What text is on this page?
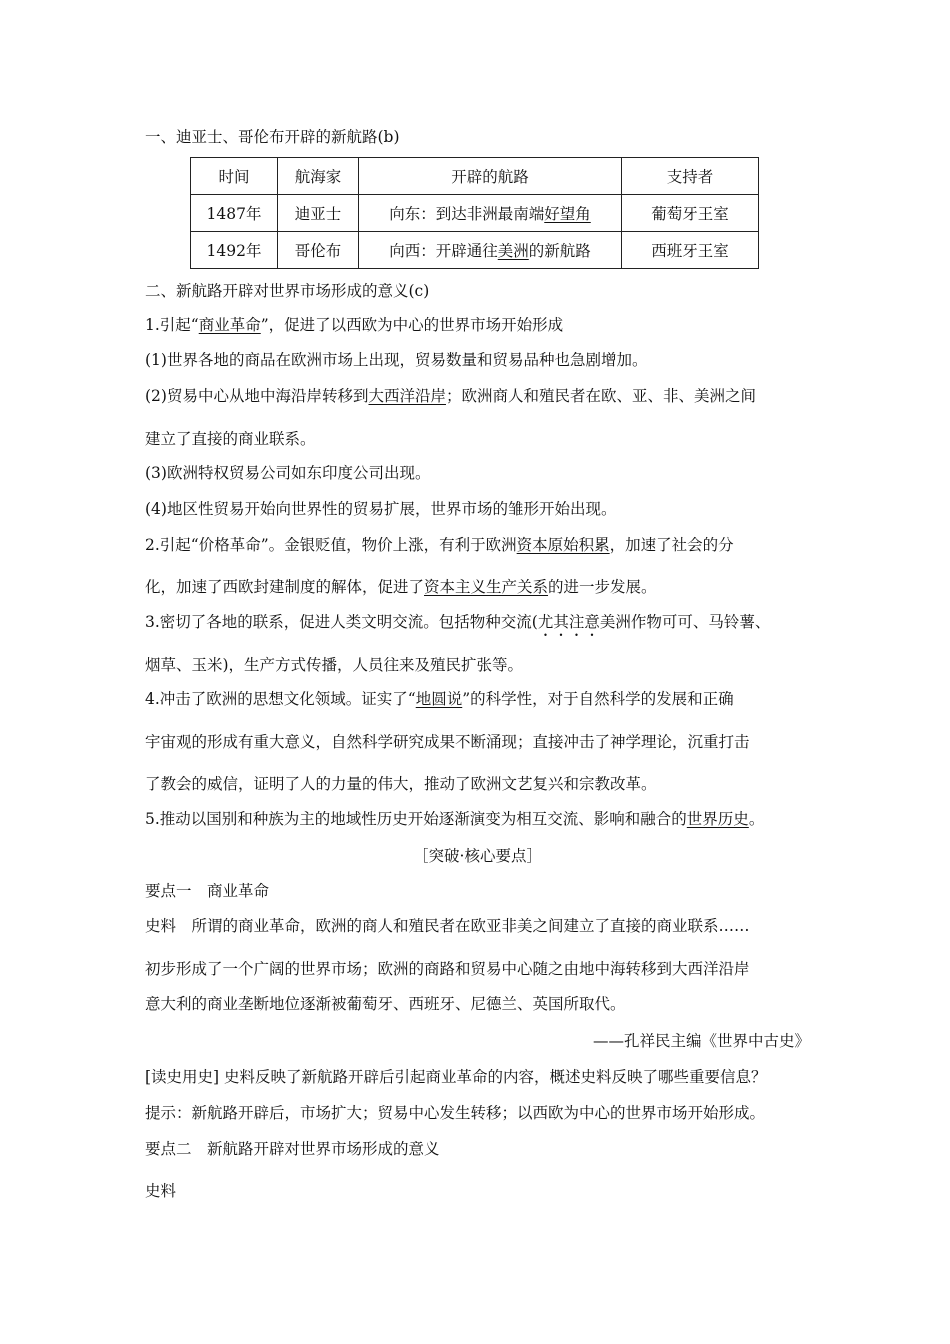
一、迪亚士、哥伦布开辟的新航路(b)
时间	航海家	开辟的航路	支持者
1487年	迪亚士	向东：到达非洲最南端好望角	葡萄牙王室
1492年	哥伦布	向西：开辟通往美洲的新航路	西班牙王室
二、新航路开辟对世界市场形成的意义(c)
1.引起“商业革命”，促进了以西欧为中心的世界市场开始形成
(1)世界各地的商品在欧洲市场上出现，贸易数量和贸易品种也急剧增加。
(2)贸易中心从地中海沿岸转移到大西洋沿岸；欧洲商人和殖民者在欧、亚、非、美洲之间
建立了直接的商业联系。
(3)欧洲特权贸易公司如东印度公司出现。
(4)地区性贸易开始向世界性的贸易扩展，世界市场的雏形开始出现。
2.引起“价格革命”。金银贬值，物价上涨，有利于欧洲资本原始积累，加速了社会的分
化，加速了西欧封建制度的解体，促进了资本主义生产关系的进一步发展。
3.密切了各地的联系，促进人类文明交流。包括物种交流(尤其注意美洲作物可可、马铃薯、
烟草、玉米)，生产方式传播，人员往来及殖民扩张等。
4.冲击了欧洲的思想文化领域。证实了“地圆说”的科学性，对于自然科学的发展和正确
宇宙观的形成有重大意义，自然科学研究成果不断涌现；直接冲击了神学理论，沉重打击
了教会的威信，证明了人的力量的伟大，推动了欧洲文艺复兴和宗教改革。
5.推动以国别和种族为主的地域性历史开始逐渐演变为相互交流、影响和融合的世界历史。
［突破·核心要点］
要点一　商业革命
史料　所谓的商业革命，欧洲的商人和殖民者在欧亚非美之间建立了直接的商业联系……
初步形成了一个广阔的世界市场；欧洲的商路和贸易中心随之由地中海转移到大西洋沿岸
意大利的商业垄断地位逐渐被葡萄牙、西班牙、尼德兰、英国所取代。
——孔祥民主编《世界中古史》
[读史用史] 史料反映了新航路开辟后引起商业革命的内容，概述史料反映了哪些重要信息？
提示：新航路开辟后，市场扩大；贸易中心发生转移；以西欧为中心的世界市场开始形成。
要点二　新航路开辟对世界市场形成的意义
史料
